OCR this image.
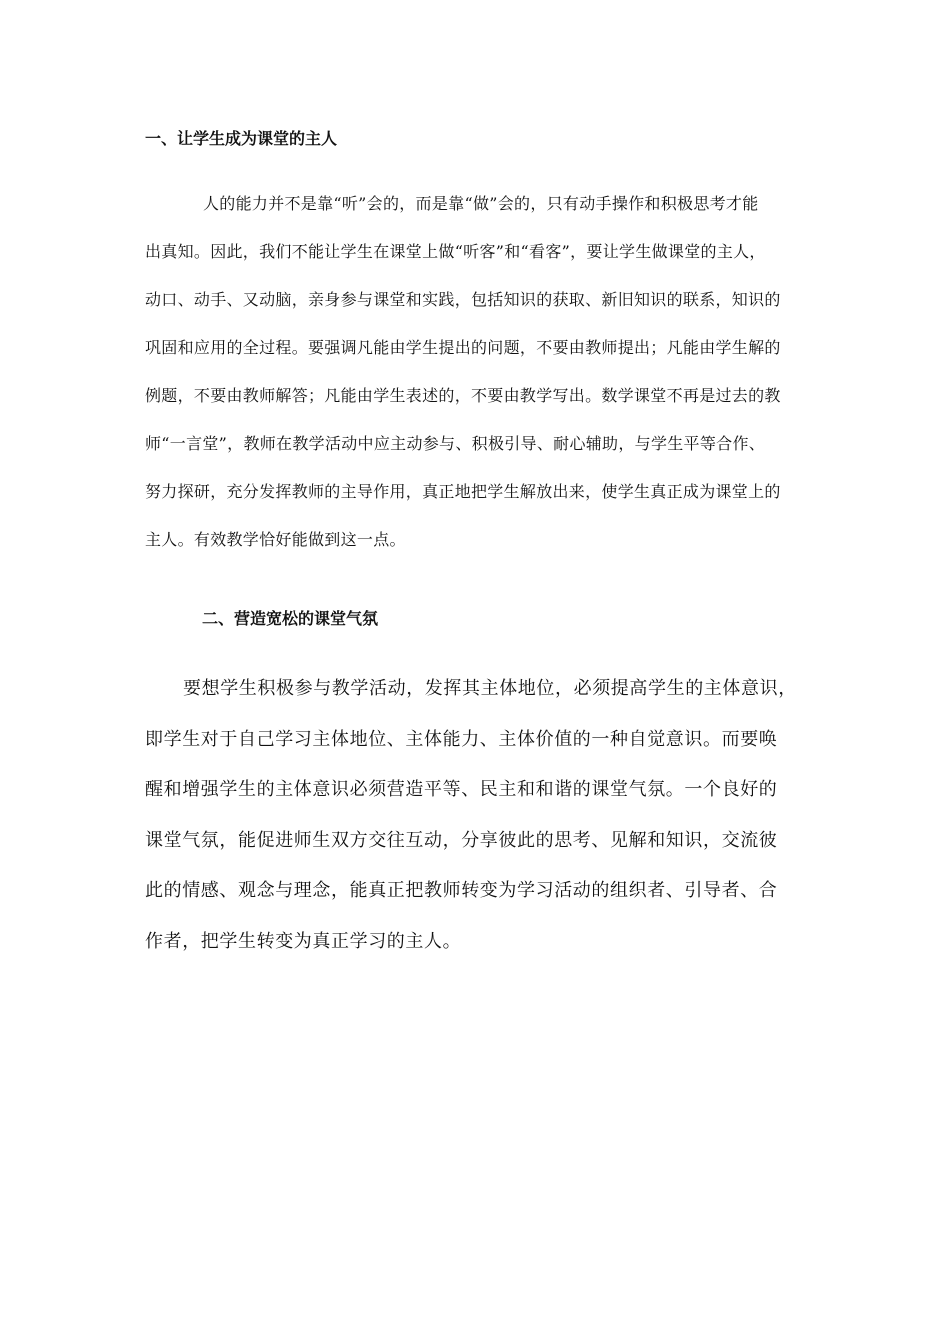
一、让学生成为课堂的主人
人的能力并不是靠“听”会的，而是靠“做”会的，只有动手操作和积极思考才能
出真知。因此，我们不能让学生在课堂上做“听客”和“看客”，要让学生做课堂的主人，
动口、动手、又动脑，亲身参与课堂和实践，包括知识的获取、新旧知识的联系，知识的
巩固和应用的全过程。要强调凡能由学生提出的问题，不要由教师提出；凡能由学生解的
例题，不要由教师解答；凡能由学生表述的，不要由教学写出。数学课堂不再是过去的教
师“一言堂”，教师在教学活动中应主动参与、积极引导、耐心辅助，与学生平等合作、
努力探研，充分发挥教师的主导作用，真正地把学生解放出来，使学生真正成为课堂上的
主人。有效教学恰好能做到这一点。
二、营造宽松的课堂气氛
要想学生积极参与教学活动，发挥其主体地位，必须提高学生的主体意识，
即学生对于自己学习主体地位、主体能力、主体价值的一种自觉意识。而要唤
醒和增强学生的主体意识必须营造平等、民主和和谐的课堂气氛。一个良好的
课堂气氛，能促进师生双方交往互动，分享彼此的思考、见解和知识，交流彼
此的情感、观念与理念，能真正把教师转变为学习活动的组织者、引导者、合
作者，把学生转变为真正学习的主人。
